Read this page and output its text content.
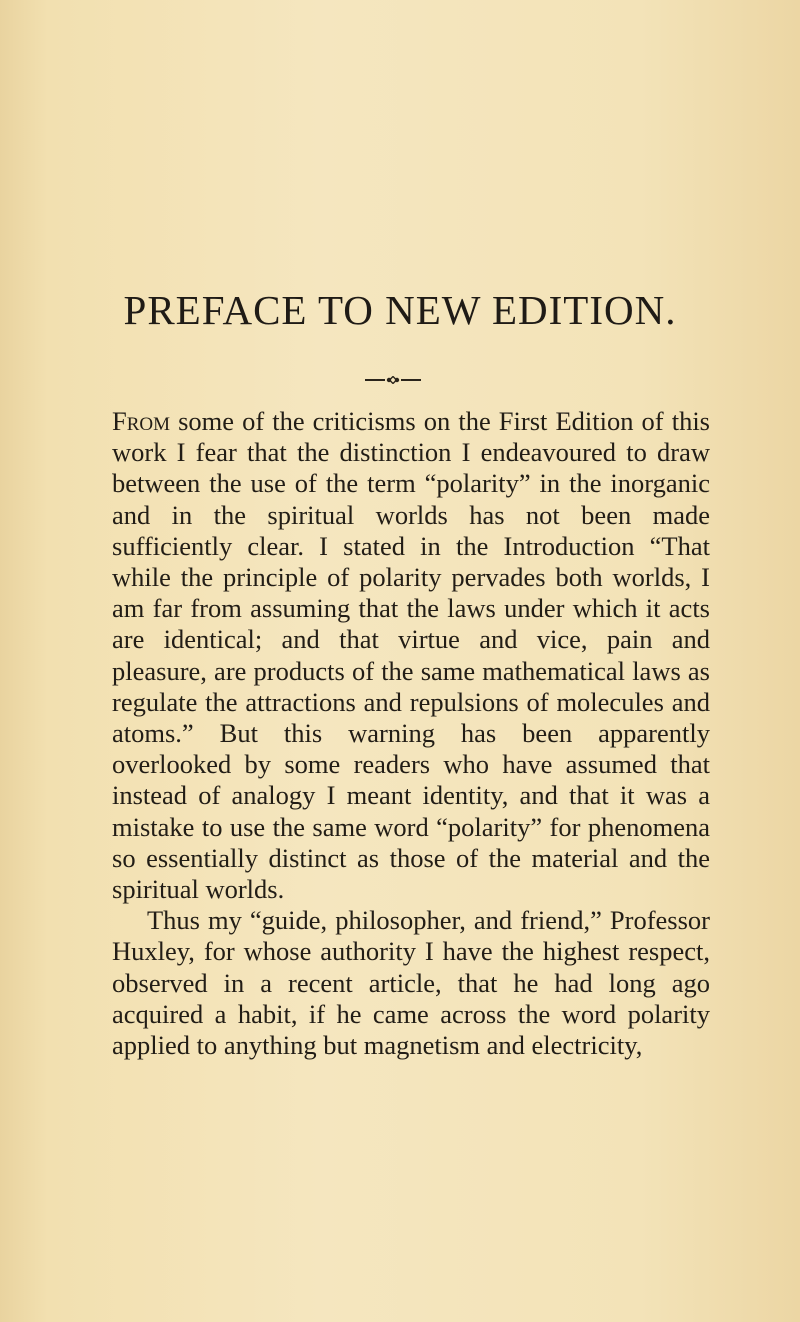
PREFACE TO NEW EDITION.

From some of the criticisms on the First Edition of this work I fear that the distinction I endeavoured to draw between the use of the term “polarity” in the inorganic and in the spiritual worlds has not been made sufficiently clear. I stated in the Introduction “That while the principle of polarity pervades both worlds, I am far from assuming that the laws under which it acts are identical; and that virtue and vice, pain and pleasure, are products of the same mathematical laws as regulate the attractions and repulsions of molecules and atoms.” But this warning has been apparently overlooked by some readers who have assumed that instead of analogy I meant identity, and that it was a mistake to use the same word “polarity” for phenomena so essentially distinct as those of the material and the spiritual worlds.

Thus my “guide, philosopher, and friend,” Professor Huxley, for whose authority I have the highest respect, observed in a recent article, that he had long ago acquired a habit, if he came across the word polarity applied to anything but magnetism and electricity,
